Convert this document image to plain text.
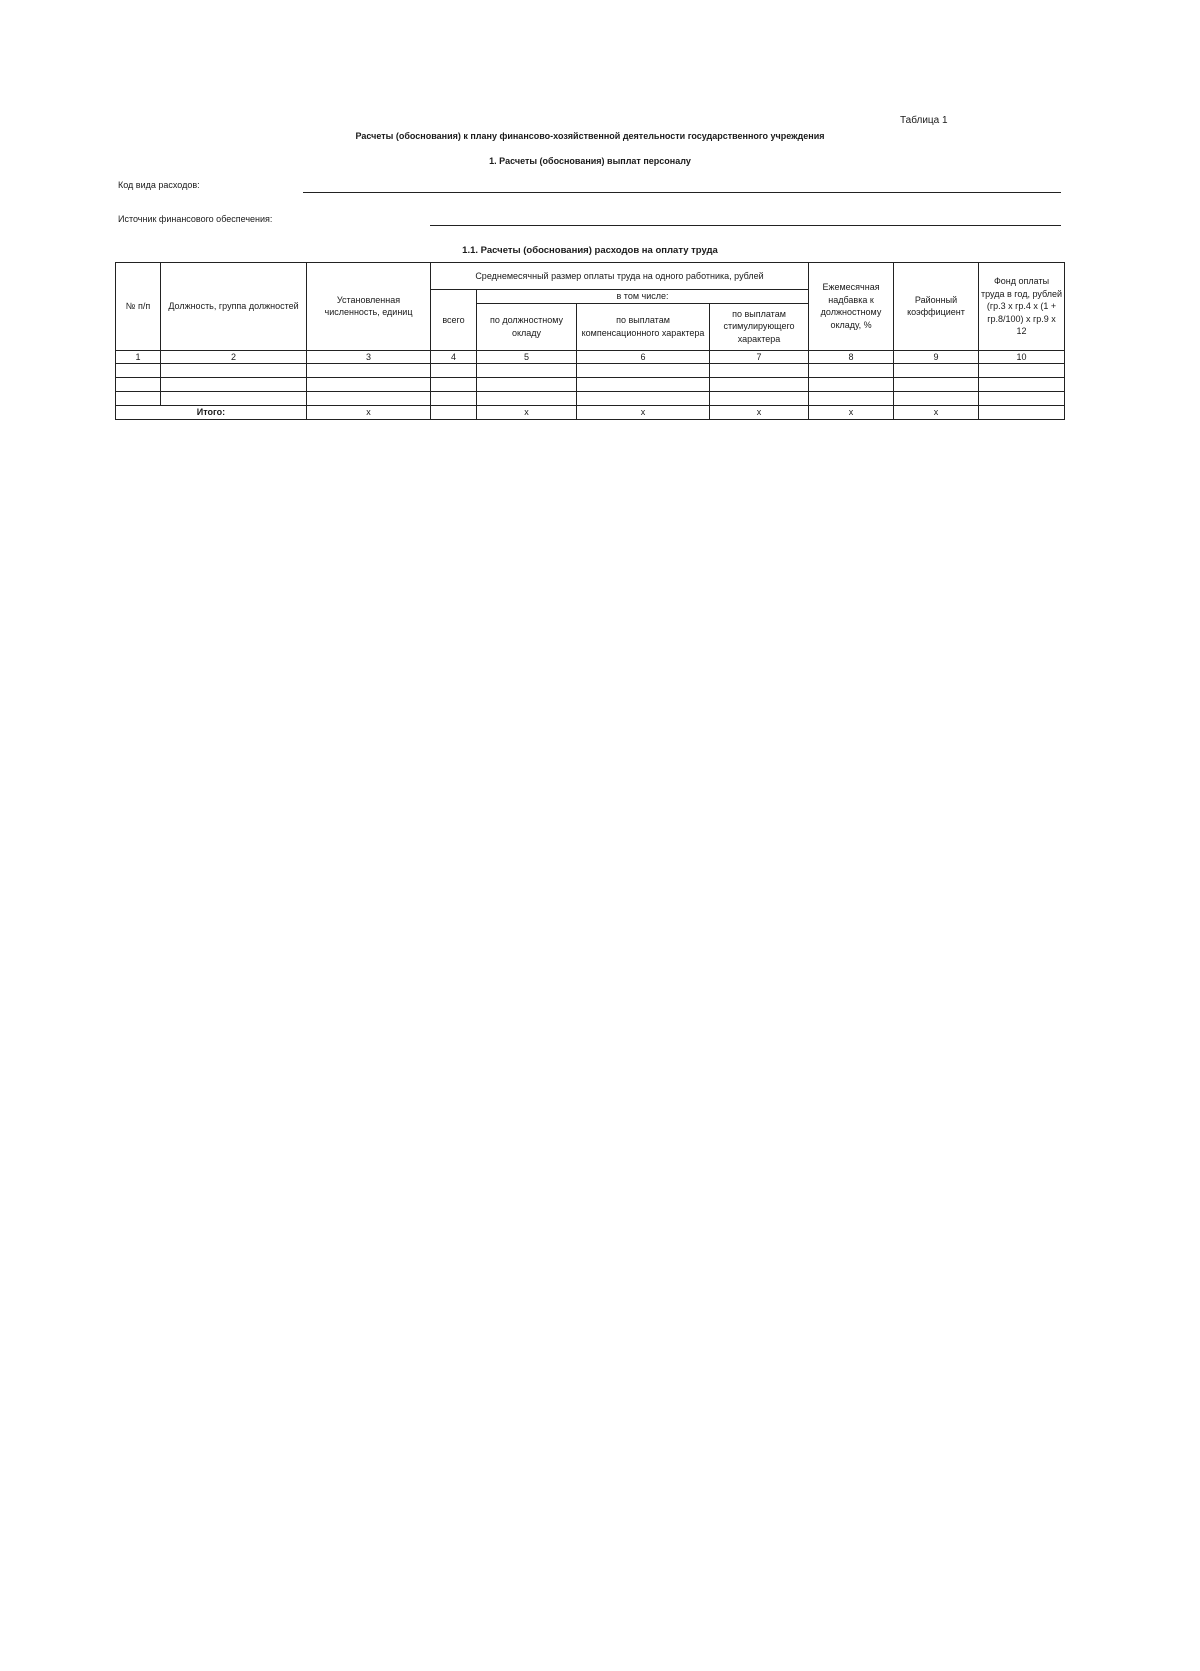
Таблица 1
Расчеты (обоснования) к плану финансово-хозяйственной деятельности государственного учреждения
1. Расчеты (обоснования) выплат персоналу
Код вида расходов:
Источник финансового обеспечения:
1.1. Расчеты (обоснования) расходов на оплату труда
№ п/п	Должность, группа должностей	Установленная численность, единиц	Среднемесячный размер оплаты труда на одного работника, рублей				Ежемесячная надбавка к должностному окладу, %	Районный коэффициент	Фонд оплаты труда в год, рублей (гр.3 x гр.4 x (1 + гр.8/100) x гр.9 x 12
			всего	в том числе:					
				по должностному окладу	по выплатам компенсационного характера	по выплатам стимулирующего характера			
1	2	3	4	5	6	7	8	9	10

Итого:		x		x	x	x	x	x	
